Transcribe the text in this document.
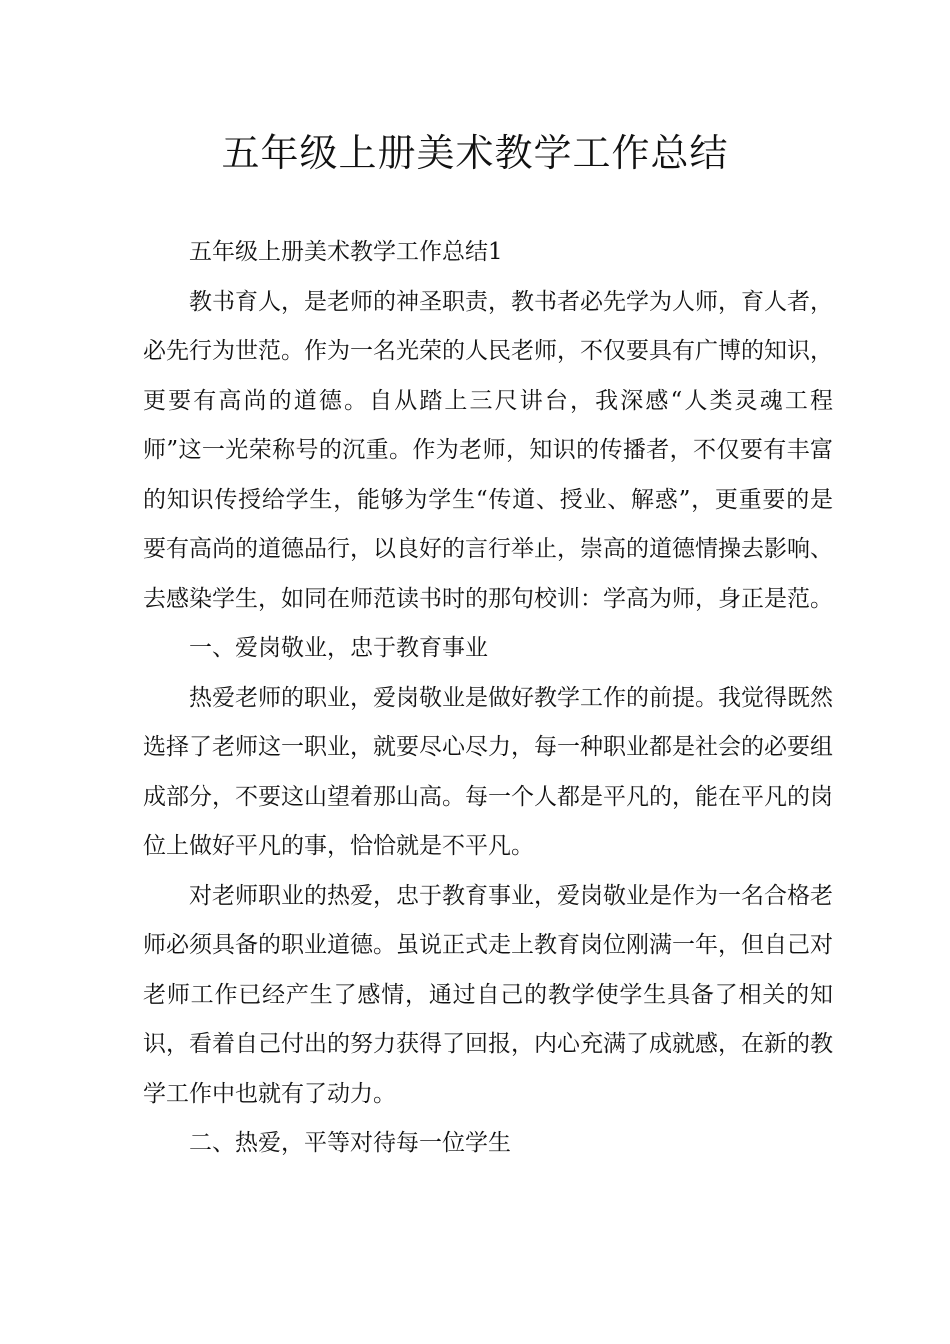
五年级上册美术教学工作总结

五年级上册美术教学工作总结1

教书育人，是老师的神圣职责，教书者必先学为人师，育人者，必先行为世范。作为一名光荣的人民老师，不仅要具有广博的知识，更要有高尚的道德。自从踏上三尺讲台，我深感“人类灵魂工程师”这一光荣称号的沉重。作为老师，知识的传播者，不仅要有丰富的知识传授给学生，能够为学生“传道、授业、解惑”，更重要的是要有高尚的道德品行，以良好的言行举止，崇高的道德情操去影响、去感染学生，如同在师范读书时的那句校训：学高为师，身正是范。

一、爱岗敬业，忠于教育事业

热爱老师的职业，爱岗敬业是做好教学工作的前提。我觉得既然选择了老师这一职业，就要尽心尽力，每一种职业都是社会的必要组成部分，不要这山望着那山高。每一个人都是平凡的，能在平凡的岗位上做好平凡的事，恰恰就是不平凡。

对老师职业的热爱，忠于教育事业，爱岗敬业是作为一名合格老师必须具备的职业道德。虽说正式走上教育岗位刚满一年，但自己对老师工作已经产生了感情，通过自己的教学使学生具备了相关的知识，看着自己付出的努力获得了回报，内心充满了成就感，在新的教学工作中也就有了动力。

二、热爱，平等对待每一位学生
